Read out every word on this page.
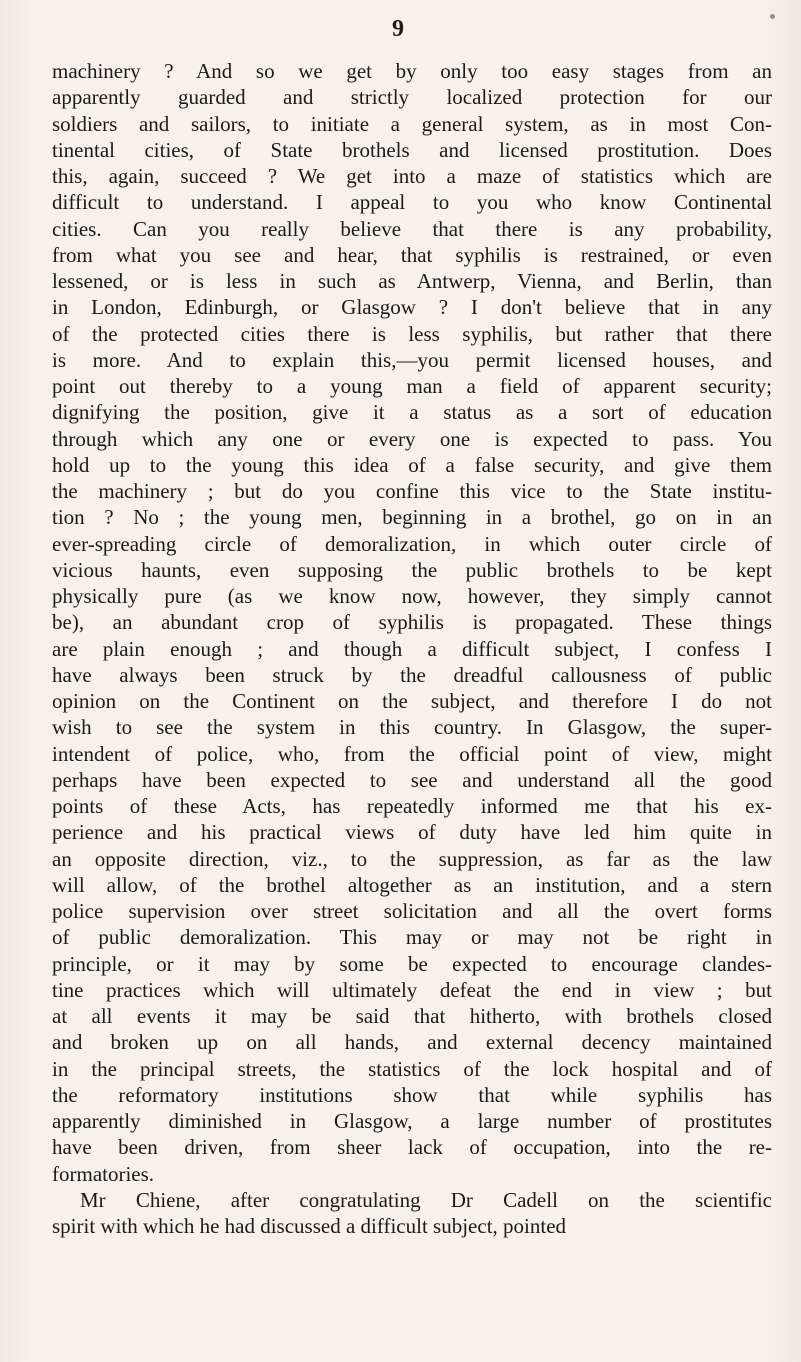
9
machinery ? And so we get by only too easy stages from an
apparently guarded and strictly localized protection for our
soldiers and sailors, to initiate a general system, as in most Con-
tinental cities, of State brothels and licensed prostitution. Does
this, again, succeed ? We get into a maze of statistics which are
difficult to understand. I appeal to you who know Continental
cities. Can you really believe that there is any probability,
from what you see and hear, that syphilis is restrained, or even
lessened, or is less in such as Antwerp, Vienna, and Berlin, than
in London, Edinburgh, or Glasgow ? I don't believe that in any
of the protected cities there is less syphilis, but rather that there
is more. And to explain this,—you permit licensed houses, and
point out thereby to a young man a field of apparent security;
dignifying the position, give it a status as a sort of education
through which any one or every one is expected to pass. You
hold up to the young this idea of a false security, and give them
the machinery ; but do you confine this vice to the State institu-
tion ? No ; the young men, beginning in a brothel, go on in an
ever-spreading circle of demoralization, in which outer circle of
vicious haunts, even supposing the public brothels to be kept
physically pure (as we know now, however, they simply cannot
be), an abundant crop of syphilis is propagated. These things
are plain enough ; and though a difficult subject, I confess I
have always been struck by the dreadful callousness of public
opinion on the Continent on the subject, and therefore I do not
wish to see the system in this country. In Glasgow, the super-
intendent of police, who, from the official point of view, might
perhaps have been expected to see and understand all the good
points of these Acts, has repeatedly informed me that his ex-
perience and his practical views of duty have led him quite in
an opposite direction, viz., to the suppression, as far as the law
will allow, of the brothel altogether as an institution, and a stern
police supervision over street solicitation and all the overt forms
of public demoralization. This may or may not be right in
principle, or it may by some be expected to encourage clandes-
tine practices which will ultimately defeat the end in view ; but
at all events it may be said that hitherto, with brothels closed
and broken up on all hands, and external decency maintained
in the principal streets, the statistics of the lock hospital and of
the reformatory institutions show that while syphilis has
apparently diminished in Glasgow, a large number of prostitutes
have been driven, from sheer lack of occupation, into the re-
formatories.
Mr Chiene, after congratulating Dr Cadell on the scientific
spirit with which he had discussed a difficult subject, pointed
